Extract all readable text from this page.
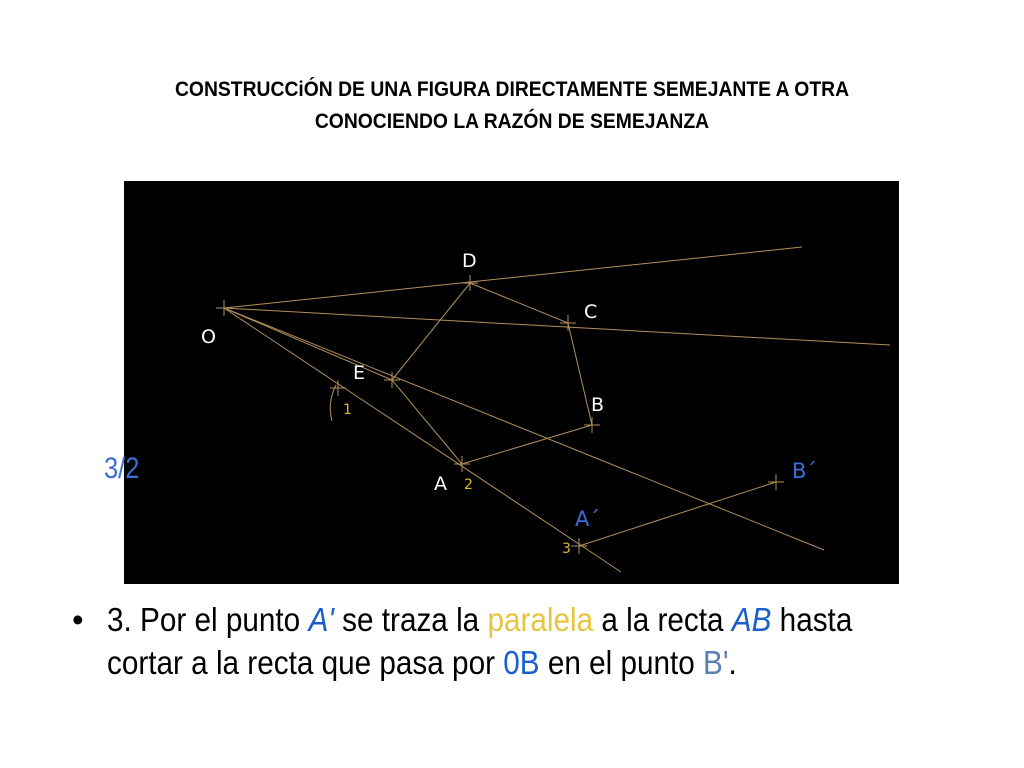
CONSTRUCCiÓN DE UNA FIGURA DIRECTAMENTE SEMEJANTE A OTRA
CONOCIENDO LA RAZÓN DE SEMEJANZA
D
C
O
E
B
A
B´
A´
1
2
3
3/2
• 3. Por el punto A' se traza la paralela a la recta AB hasta
cortar a la recta que pasa por 0B en el punto B'.
